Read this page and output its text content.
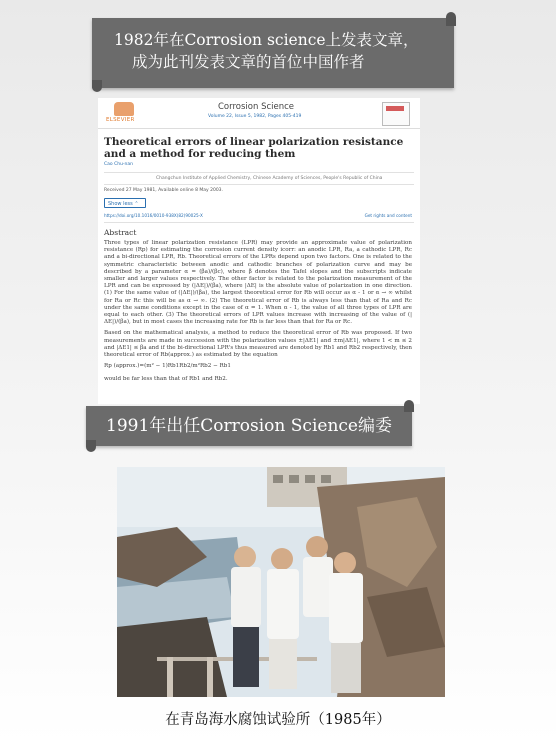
1982年在Corrosion science上发表文章，
成为此刊发表文章的首位中国作者
ELSEVIER
Corrosion Science
Volume 22, Issue 5, 1982, Pages 405-419
Theoretical errors of linear polarization resistance and a method for reducing them
Cao Chu-nan
Changchun Institute of Applied Chemistry, Chinese Academy of Sciences, People's Republic of China
Received 27 May 1981, Available online 8 May 2003.
Show less ⌃
https://doi.org/10.1016/0010-938X(82)90025-X	Get rights and content
Abstract

Three types of linear polarization resistance (LPR) may provide an approximate value of polarization resistance (Rp) for estimating the corrosion current density icorr: an anodic LPR, Ra, a cathodic LPR, Rc and a bi-directional LPR, Rb. Theoretical errors of the LPRs depend upon two factors. One is related to the symmetric characteristic between anodic and cathodic branches of polarization curve and may be described by a parameter α = (βa)/(βc), where β denotes the Tafel slopes and the subscripts indicate smaller and larger values respectively. The other factor is related to the polarization measurement of the LPR and can be expressed by (|ΔE|)/(βa), where |ΔE| is the absolute value of polarization in one direction. (1) For the same value of (|ΔE|)/(βa), the largest theoretical error for Rb will occur as α - 1 or α → ∞ whilst for Ra or Rc this will be as α → ∞. (2) The theoretical error of Rb is always less than that of Ra and Rc under the same conditions except in the case of α = 1. When α - 1, the value of all three types of LPR are equal to each other. (3) The theoretical errors of LPR values increase with increasing of the value of (|ΔE|)/(βa), but in most cases the increasing rate for Rb is far less than that for Ra or Rc.

Based on the mathematical analysis, a method to reduce the theoretical error of Rb was proposed. If two measurements are made in succession with the polarization values ±|ΔE1| and ±m|ΔE1|, where 1 < m ≤ 2 and |ΔE1| ≤ βa and if the bi-directional LPR's thus measured are denoted by Rb1 and Rb2 respectively, then theoretical error of Rb(approx.) as estimated by the equation

Rp (approx.)=(m² − 1)Rb1Rb2/m²Rb2 − Rb1

would be far less than that of Rb1 and Rb2.

1991年出任Corrosion Science编委
在青岛海水腐蚀试验所（1985年）
